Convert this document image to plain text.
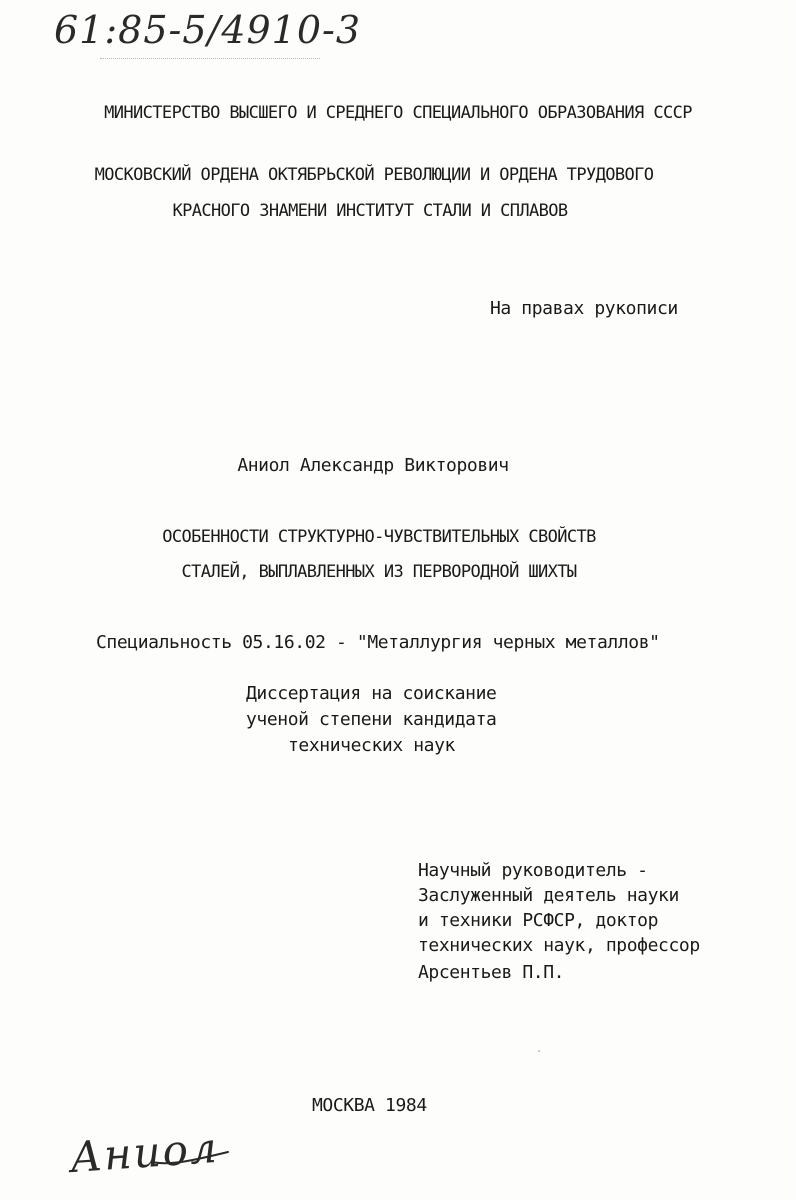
61:85-5/4910-3
МИНИСТЕРСТВО ВЫСШЕГО И СРЕДНЕГО СПЕЦИАЛЬНОГО ОБРАЗОВАНИЯ СССР
МОСКОВСКИЙ ОРДЕНА ОКТЯБРЬСКОЙ РЕВОЛЮЦИИ И ОРДЕНА ТРУДОВОГО
КРАСНОГО ЗНАМЕНИ ИНСТИТУТ СТАЛИ И СПЛАВОВ
На правах рукописи
Аниол Александр Викторович
ОСОБЕННОСТИ СТРУКТУРНО-ЧУВСТВИТЕЛЬНЫХ СВОЙСТВ
СТАЛЕЙ, ВЫПЛАВЛЕННЫХ ИЗ ПЕРВОРОДНОЙ ШИХТЫ
Специальность 05.16.02 - "Металлургия черных металлов"
Диссертация на соискание
ученой степени кандидата
технических наук
Научный руководитель -
Заслуженный деятель науки
и техники РСФСР, доктор
технических наук, профессор
Арсентьев П.П.
МОСКВА 1984
Аниол
